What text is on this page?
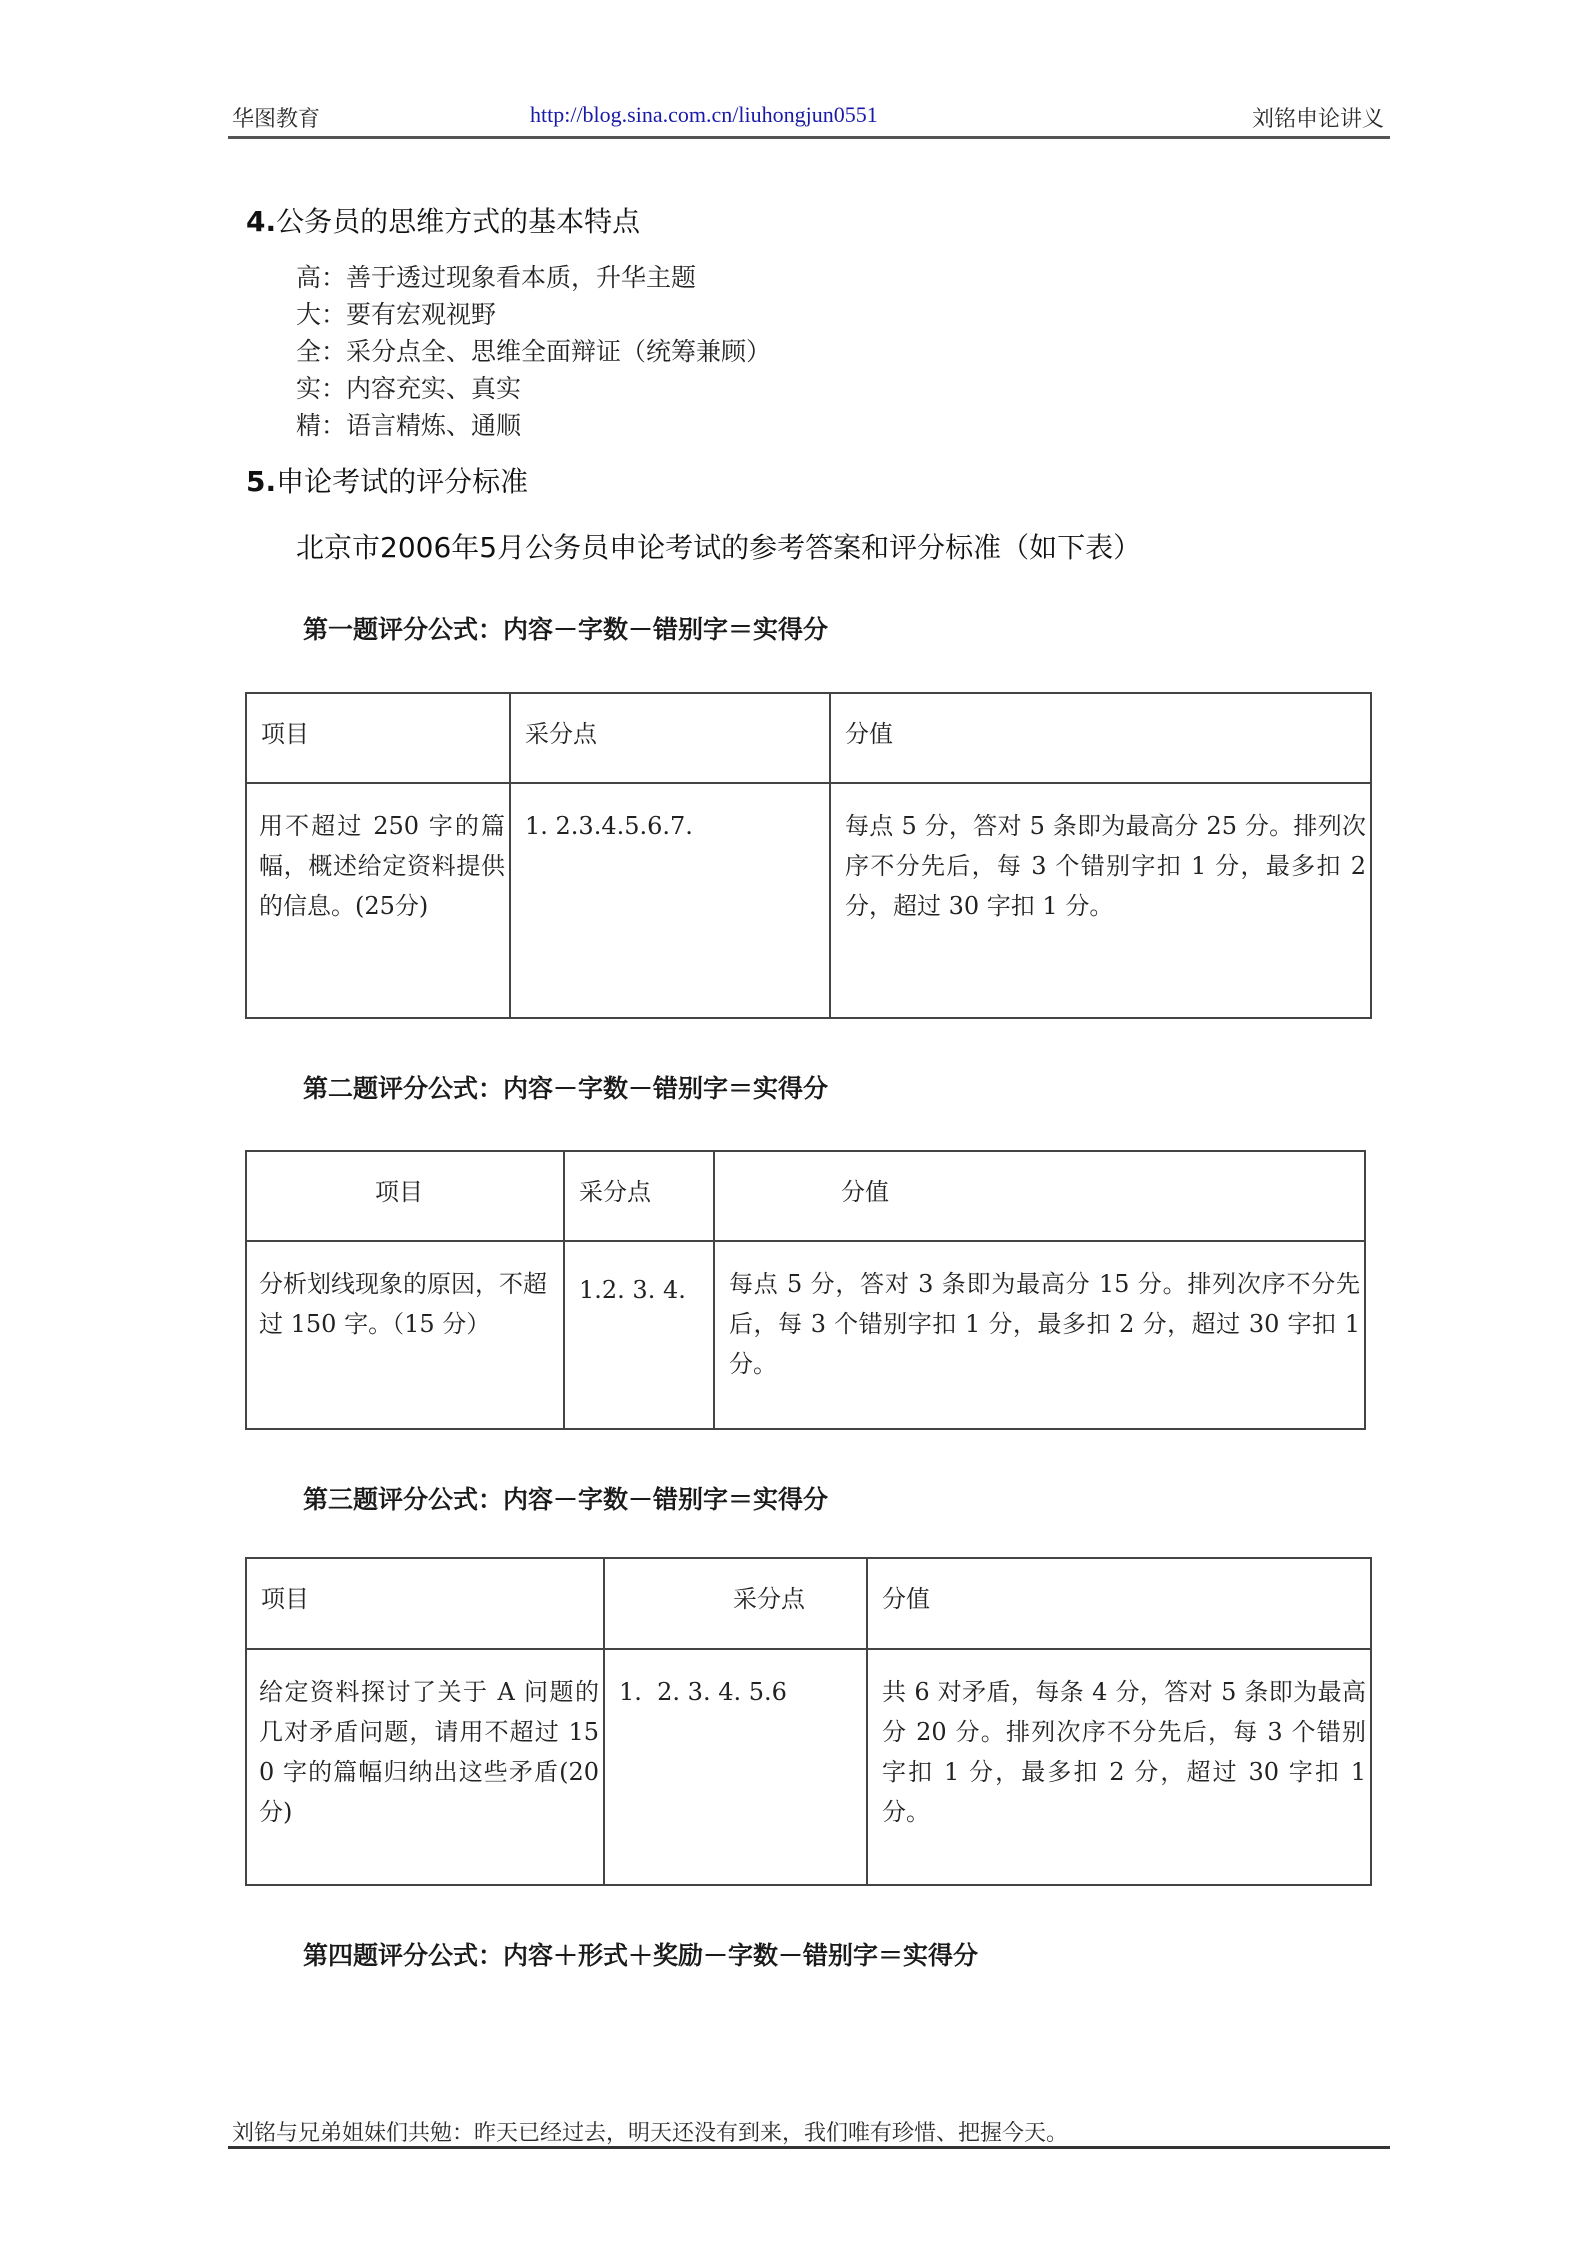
华图教育	http://blog.sina.com.cn/liuhongjun0551	刘铭申论讲义
4.公务员的思维方式的基本特点
高：善于透过现象看本质，升华主题
大：要有宏观视野
全：采分点全、思维全面辩证（统筹兼顾）
实：内容充实、真实
精：语言精炼、通顺
5.申论考试的评分标准
北京市2006年5月公务员申论考试的参考答案和评分标准（如下表）
第一题评分公式：内容－字数－错别字＝实得分
项目	采分点	分值

用不超过 250 字的篇幅，概述给定资料提供的信息。(25分)	1. 2.3.4.5.6.7.	每点 5 分，答对 5 条即为最高分 25 分。排列次序不分先后，每 3 个错别字扣 1 分，最多扣 2 分，超过 30 字扣 1 分。
第二题评分公式：内容－字数－错别字＝实得分
项目	采分点	分值

分析划线现象的原因，不超过 150 字。（15 分）	1.2. 3. 4.	每点 5 分，答对 3 条即为最高分 15 分。排列次序不分先后，每 3 个错别字扣 1 分，最多扣 2 分，超过 30 字扣 1 分。
第三题评分公式：内容－字数－错别字＝实得分
项目	采分点	分值

给定资料探讨了关于 A 问题的几对矛盾问题，请用不超过 150 字的篇幅归纳出这些矛盾(20 分)	1.  2. 3. 4. 5.6	共 6 对矛盾，每条 4 分，答对 5 条即为最高分 20 分。排列次序不分先后，每 3 个错别字扣 1 分，最多扣 2 分，超过 30 字扣 1 分。
第四题评分公式：内容＋形式＋奖励－字数－错别字＝实得分
刘铭与兄弟姐妹们共勉：昨天已经过去，明天还没有到来，我们唯有珍惜、把握今天。
